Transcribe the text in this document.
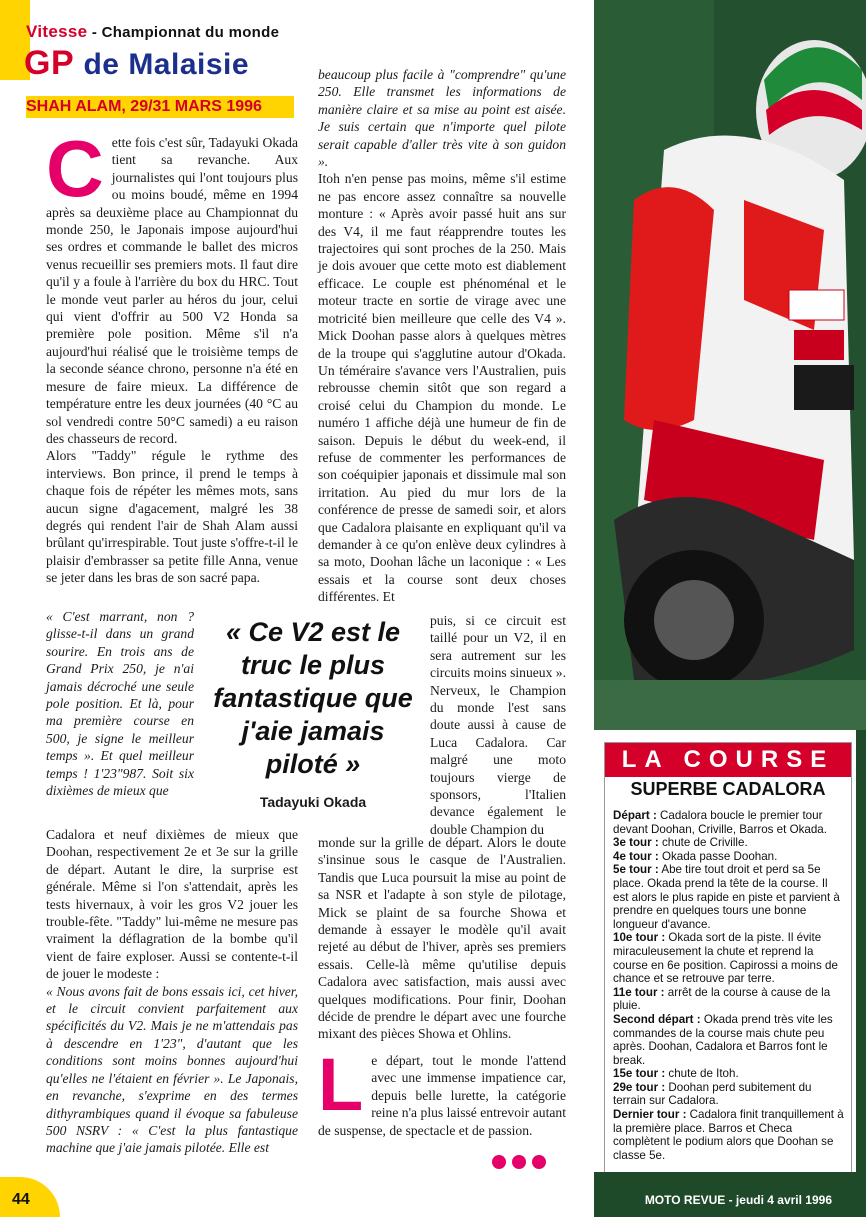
Vitesse - Championnat du monde
GP de Malaisie
SHAH ALAM, 29/31 MARS 1996
C ette fois c'est sûr, Tadayuki Okada tient sa revanche. Aux journalistes qui l'ont toujours plus ou moins boudé, même en 1994 après sa deuxième place au Championnat du monde 250, le Japonais impose aujourd'hui ses ordres et commande le ballet des micros venus recueillir ses premiers mots. Il faut dire qu'il y a foule à l'arrière du box du HRC. Tout le monde veut parler au héros du jour, celui qui vient d'offrir au 500 V2 Honda sa première pole position. Même s'il n'a aujourd'hui réalisé que le troisième temps de la seconde séance chrono, personne n'a été en mesure de faire mieux. La différence de température entre les deux journées (40 °C au sol vendredi contre 50°C samedi) a eu raison des chasseurs de record.

Alors "Taddy" régule le rythme des interviews. Bon prince, il prend le temps à chaque fois de répéter les mêmes mots, sans aucun signe d'agacement, malgré les 38 degrés qui rendent l'air de Shah Alam aussi brûlant qu'irrespirable. Tout juste s'offre-t-il le plaisir d'embrasser sa petite fille Anna, venue se jeter dans les bras de son sacré papa.

« C'est marrant, non ? glisse-t-il dans un grand sourire. En trois ans de Grand Prix 250, je n'ai jamais décroché une seule pole position. Et là, pour ma première course en 500, je signe le meilleur temps ». Et quel meilleur temps ! 1'23"987. Soit six dixièmes de mieux que

Cadalora et neuf dixièmes de mieux que Doohan, respectivement 2e et 3e sur la grille de départ. Autant le dire, la surprise est générale. Même si l'on s'attendait, après les tests hivernaux, à voir les gros V2 jouer les trouble-fête. "Taddy" lui-même ne mesure pas vraiment la déflagration de la bombe qu'il vient de faire exploser. Aussi se contente-t-il de jouer le modeste :

« Nous avons fait de bons essais ici, cet hiver, et le circuit convient parfaitement aux spécificités du V2. Mais je ne m'attendais pas à descendre en 1'23", d'autant que les conditions sont moins bonnes aujourd'hui qu'elles ne l'étaient en février ». Le Japonais, en revanche, s'exprime en des termes dithyrambiques quand il évoque sa fabuleuse 500 NSRV : « C'est la plus fantastique machine que j'aie jamais pilotée. Elle est

beaucoup plus facile à "comprendre" qu'une 250. Elle transmet les informations de manière claire et sa mise au point est aisée. Je suis certain que n'importe quel pilote serait capable d'aller très vite à son guidon ».

Itoh n'en pense pas moins, même s'il estime ne pas encore assez connaître sa nouvelle monture : « Après avoir passé huit ans sur des V4, il me faut réapprendre toutes les trajectoires qui sont proches de la 250. Mais je dois avouer que cette moto est diablement efficace. Le couple est phénoménal et le moteur tracte en sortie de virage avec une motricité bien meilleure que celle des V4 ». Mick Doohan passe alors à quelques mètres de la troupe qui s'agglutine autour d'Okada. Un téméraire s'avance vers l'Australien, puis rebrousse chemin sitôt que son regard a croisé celui du Champion du monde. Le numéro 1 affiche déjà une humeur de fin de saison. Depuis le début du week-end, il refuse de commenter les performances de son coéquipier japonais et dissimule mal son irritation. Au pied du mur lors de la conférence de presse de samedi soir, et alors que Cadalora plaisante en expliquant qu'il va demander à ce qu'on enlève deux cylindres à sa moto, Doohan lâche un laconique : « Les essais et la course sont deux choses différentes. Et

puis, si ce circuit est taillé pour un V2, il en sera autrement sur les circuits moins sinueux ». Nerveux, le Champion du monde l'est sans doute aussi à cause de Luca Cadalora. Car malgré une moto toujours vierge de sponsors, l'Italien devance également le double Champion du

monde sur la grille de départ. Alors le doute s'insinue sous le casque de l'Australien. Tandis que Luca poursuit la mise au point de sa NSR et l'adapte à son style de pilotage, Mick se plaint de sa fourche Showa et demande à essayer le modèle qu'il avait rejeté au début de l'hiver, après ses premiers essais. Celle-là même qu'utilise depuis Cadalora avec satisfaction, mais aussi avec quelques modifications. Pour finir, Doohan décide de prendre le départ avec une fourche mixant des pièces Showa et Ohlins.

L e départ, tout le monde l'attend avec une immense impatience car, depuis belle lurette, la catégorie reine n'a plus laissé entrevoir autant de suspense, de spectacle et de passion.

« Ce V2 est le truc le plus fantastique que j'aie jamais piloté »
Tadayuki Okada
LA COURSE
SUPERBE CADALORA

Départ : Cadalora boucle le premier tour devant Doohan, Criville, Barros et Okada.

3e tour : chute de Criville.

4e tour : Okada passe Doohan.

5e tour : Abe tire tout droit et perd sa 5e place. Okada prend la tête de la course. Il est alors le plus rapide en piste et parvient à prendre en quelques tours une bonne longueur d'avance.

10e tour : Okada sort de la piste. Il évite miraculeusement la chute et reprend la course en 6e position. Capirossi a moins de chance et se retrouve par terre.

11e tour : arrêt de la course à cause de la pluie.

Second départ : Okada prend très vite les commandes de la course mais chute peu après. Doohan, Cadalora et Barros font le break.

15e tour : chute de Itoh.

29e tour : Doohan perd subitement du terrain sur Cadalora.

Dernier tour : Cadalora finit tranquillement à la première place. Barros et Checa complètent le podium alors que Doohan se classe 5e.

MOTO REVUE - jeudi 4 avril 1996
44
